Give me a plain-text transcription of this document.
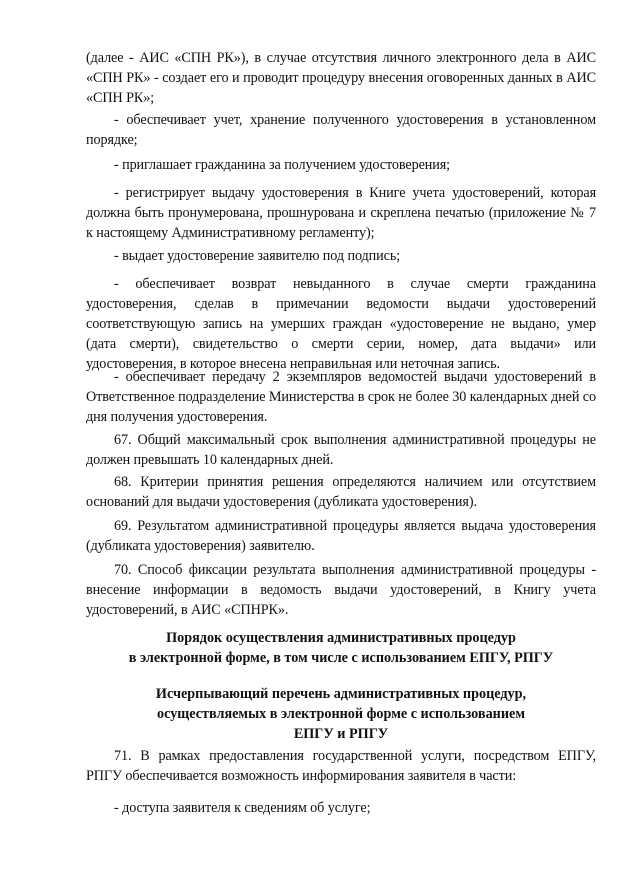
(далее - АИС «СПН РК»), в случае отсутствия личного электронного дела в АИС «СПН РК» - создает его и проводит процедуру внесения оговоренных данных в АИС «СПН РК»;

- обеспечивает учет, хранение полученного удостоверения в установленном порядке;

- приглашает гражданина за получением удостоверения;

- регистрирует выдачу удостоверения в Книге учета удостоверений, которая должна быть пронумерована, прошнурована и скреплена печатью (приложение № 7 к настоящему Административному регламенту);

- выдает удостоверение заявителю под подпись;

- обеспечивает возврат невыданного в случае смерти гражданина удостоверения, сделав в примечании ведомости выдачи удостоверений соответствующую запись на умерших граждан «удостоверение не выдано, умер (дата смерти), свидетельство о смерти серии, номер, дата выдачи» или удостоверения, в которое внесена неправильная или неточная запись.

- обеспечивает передачу 2 экземпляров ведомостей выдачи удостоверений в Ответственное подразделение Министерства в срок не более 30 календарных дней со дня получения удостоверения.

67. Общий максимальный срок выполнения административной процедуры не должен превышать 10 календарных дней.

68. Критерии принятия решения определяются наличием или отсутствием оснований для выдачи удостоверения (дубликата удостоверения).

69. Результатом административной процедуры является выдача удостоверения (дубликата удостоверения) заявителю.

70. Способ фиксации результата выполнения административной процедуры - внесение информации в ведомость выдачи удостоверений, в Книгу учета удостоверений, в АИС «СПНРК».

Порядок осуществления административных процедур

в электронной форме, в том числе с использованием ЕПГУ, РПГУ

Исчерпывающий перечень административных процедур,

осуществляемых в электронной форме с использованием

ЕПГУ и РПГУ

71. В рамках предоставления государственной услуги, посредством ЕПГУ, РПГУ обеспечивается возможность информирования заявителя в части:

- доступа заявителя к сведениям об услуге;
